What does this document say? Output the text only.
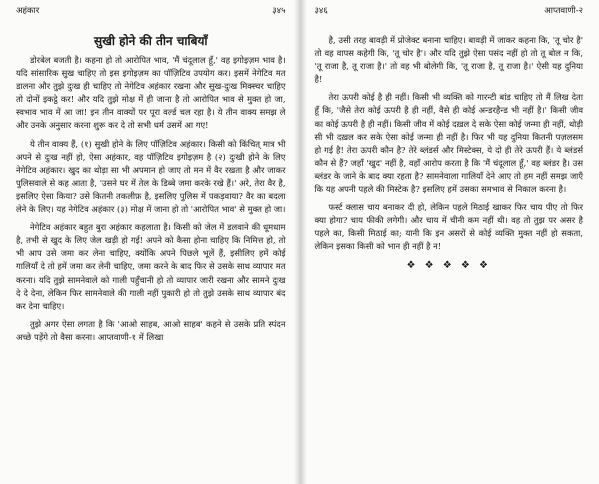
अहंकार	३४५
सुखी होने की तीन चाबियाँ

डोरबेल बजती है। कहना हो तो आरोपित भाव, 'मैं चंदूलाल हूँ,' वह इगोइज़म भाव है। यदि सांसारिक सुख चाहिए तो इस इगोइज़म का पॉज़िटिव उपयोग कर। इसमें नेगेटिव मत डालना और तुझे दुःख ही चाहिए तो नेगेटिव अहंकार रखना और सुख-दुःख मिक्स्चर चाहिए तो दोनों इकट्ठे कर! और यदि तुझे मोक्ष में ही जाना है तो आरोपित भाव से मुक्त हो जा, स्वभाव भाव में आ जा! इन तीन वाक्यों पर पूरा वर्ल्ड चल रहा है। ये तीन वाक्य समझ ले और उनके अनुसार करना शुरू कर दे तो सभी धर्म उसमें आ गए!

ये तीन वाक्य हैं, (१) सुखी होने के लिए पॉज़िटिव अहंकार। किसी को किंचित्‌ मात्र भी अपने से दुःख नहीं हो, ऐसा अहंकार, वह पॉज़िटिव इगोइज़म है (२) दुःखी होने के लिए नेगेटिव अहंकार। खुद का थोड़ा सा भी अपमान हो जाए तो मन में वैर रखता है और जाकर पुलिसवाले से कह आता है, 'उसने घर में तेल के डिब्बे जमा करके रखे हैं।' अरे, तेरा वैर है, इसलिए ऐसा किया? उसे कितनी तकलीफ़ है, इसलिए पुलिस में पकड़वाया? वैर का बदला लेने के लिए। यह नेगेटिव अहंकार (३) मोक्ष में जाना हो तो 'आरोपित भाव' से मुक्त हो जा।

नेगेटिव अहंकार बहुत बुरा अहंकार कहलाता है। किसी को जेल में डलवाने की धूमधाम है, तभी से खुद के लिए जेल खड़ी हो गई! अपने को कैसा होना चाहिए कि निमित्त हो, तो भी आप उसे जमा कर लेना चाहिए, क्योंकि अपने पिछले भूलें हैं, इसीलिए हमें कोई गालियाँ दे तो हमें जमा कर लेनी चाहिए, जमा करने के बाद फिर से उसके साथ व्यापार मत करना। यदि तुझे सामनेवाले को गाली पहुँचानी हो तो व्यापार जारी रखना और सामने दुःख दे दे देना, लेकिन फिर सामनेवाले की गाली नहीं पुकारी हो तो तुझे उसके साथ व्यापार बंद कर देना चाहिए।

तुझे अगर ऐसा लगता है कि 'आओ साहब, आओ साहब' कहने से उसके प्रति स्पंदन अच्छे पड़ेंगे तो वैसा करना। आप्तवाणी-१ में लिखा

३४६	आप्तवाणी-२

है, उसी तरह बावड़ी में प्रोजेक्ट बनाना चाहिए। बावड़ी में जाकर कहना कि, 'तू चोर है' तो वह वापस कहेगी कि, 'तू चोर है'। और यदि तुझे ऐसा पसंद नहीं हो तो तू बोल न कि, 'तू राजा है, तू राजा है।' तो वह भी बोलेगी कि, 'तू राजा है, तू राजा है।' ऐसी यह दुनिया है!

तेरा ऊपरी कोई है ही नहीं। किसी भी व्यक्ति को गारन्टी बांड चाहिए तो मैं लिख देता हूँ कि, 'जैसे तेरा कोई ऊपरी है ही नहीं, वैसे ही कोई अन्डरहैन्ड भी नहीं है।' किसी जीव का कोई ऊपरी है ही नहीं। किसी जीव में कोई दख़ल दे सके ऐसा कोई जन्मा ही नहीं, थोड़ी सी भी दख़ल कर सके ऐसा कोई जन्मा ही नहीं है। फिर भी यह दुनिया कितनी पज़लसम हो गई है! तेरा ऊपरी कौन है? तेरे ब्लंडर्स और मिस्टेक्स, ये दो ही तेरे ऊपरी हैं। ये ब्लंडर्स कौन से हैं? जहाँ 'खुद' नहीं है, वहाँ आरोप करता है कि 'मैं चंदूलाल हूँ,' वह ब्लंडर है। उस ब्लंडर के जाने के बाद क्या रहता है? सामनेवाला गालियाँ देने आए तो हम नहीं समझ जाएँ कि यह अपनी पहले की मिस्टेक है? इसलिए हमें उसका समभाव से निकाल करना है।

फर्स्ट क्लास चाय बनाकर दी हो, लेकिन पहले मिठाई खाकर फिर चाय पीए तो फिर क्या होगा? चाय फीकी लगेगी। और चाय में चीनी कम नहीं थी। वह तो तुझ पर असर है पहले का, किसी मिठाई का; यानी कि इन असरों से कोई व्यक्ति मुक्त नहीं हो सकता, लेकिन इसका किसी को भान ही नहीं है न!

❖ ❖ ❖ ❖ ❖
